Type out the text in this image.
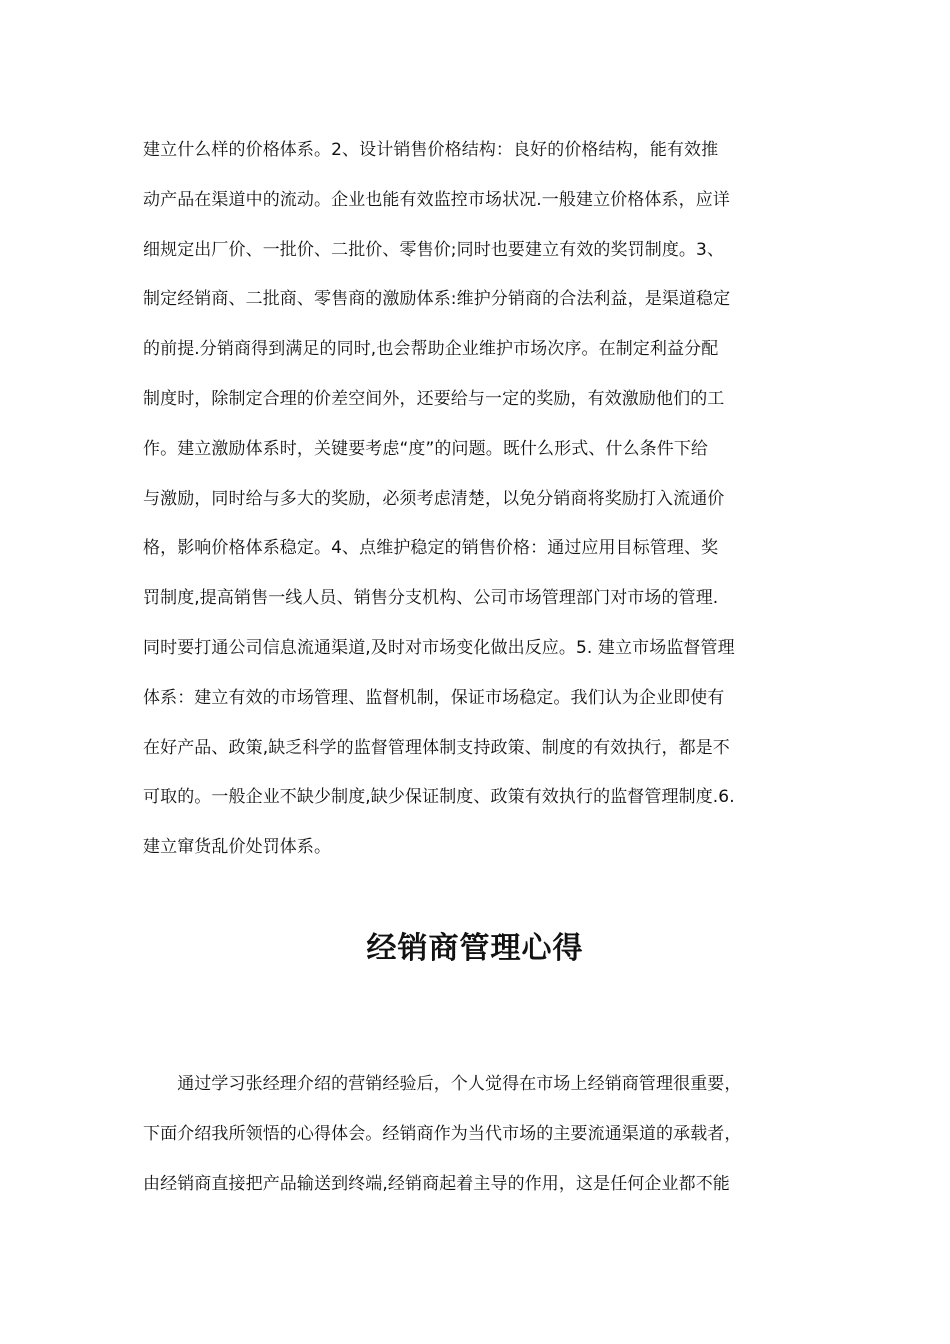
建立什么样的价格体系。2、设计销售价格结构：良好的价格结构，能有效推
动产品在渠道中的流动。企业也能有效监控市场状况.一般建立价格体系，应详
细规定出厂价、一批价、二批价、零售价;同时也要建立有效的奖罚制度。3、
制定经销商、二批商、零售商的激励体系:维护分销商的合法利益，是渠道稳定
的前提.分销商得到满足的同时,也会帮助企业维护市场次序。在制定利益分配
制度时，除制定合理的价差空间外，还要给与一定的奖励，有效激励他们的工
作。建立激励体系时，关键要考虑“度”的问题。既什么形式、什么条件下给
与激励，同时给与多大的奖励，必须考虑清楚，以免分销商将奖励打入流通价
格，影响价格体系稳定。4、点维护稳定的销售价格：通过应用目标管理、奖
罚制度,提高销售一线人员、销售分支机构、公司市场管理部门对市场的管理.
同时要打通公司信息流通渠道,及时对市场变化做出反应。5. 建立市场监督管理
体系：建立有效的市场管理、监督机制，保证市场稳定。我们认为企业即使有
在好产品、政策,缺乏科学的监督管理体制支持政策、制度的有效执行，都是不
可取的。一般企业不缺少制度,缺少保证制度、政策有效执行的监督管理制度.6.
建立窜货乱价处罚体系。
经销商管理心得
　　通过学习张经理介绍的营销经验后，个人觉得在市场上经销商管理很重要，
下面介绍我所领悟的心得体会。经销商作为当代市场的主要流通渠道的承载者，
由经销商直接把产品输送到终端,经销商起着主导的作用，这是任何企业都不能
